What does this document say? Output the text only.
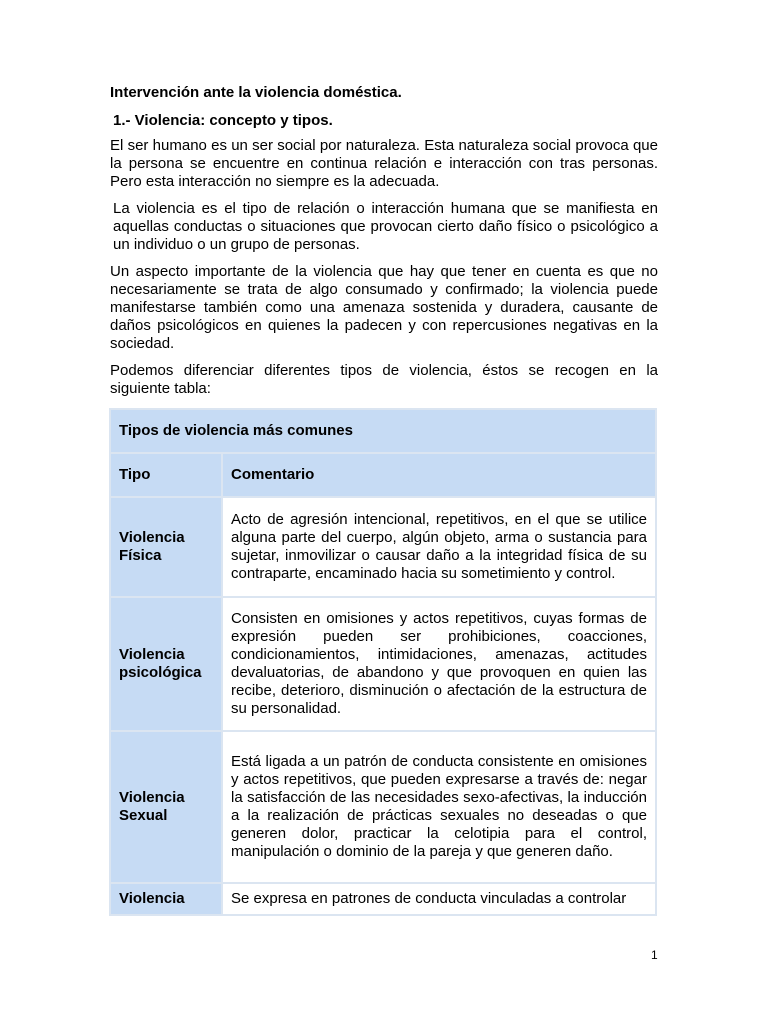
Intervención ante la violencia doméstica.
1.- Violencia: concepto y tipos.

El ser humano es un ser social por naturaleza. Esta naturaleza social provoca que la persona se encuentre en continua relación e interacción con tras personas. Pero esta interacción no siempre es la adecuada.

La violencia es el tipo de relación o interacción humana que se manifiesta en aquellas conductas o situaciones que provocan cierto daño físico o psicológico a un individuo o un grupo de personas.

Un aspecto importante de la violencia que hay que tener en cuenta es que no necesariamente se trata de algo consumado y confirmado; la violencia puede manifestarse también como una amenaza sostenida y duradera, causante de daños psicológicos en quienes la padecen y con repercusiones negativas en la sociedad.

Podemos diferenciar diferentes tipos de violencia, éstos se recogen en la siguiente tabla:

Tipos de violencia más comunes	
Tipo	Comentario
Violencia Física	Acto de agresión intencional, repetitivos, en el que se utilice alguna parte del cuerpo, algún objeto, arma o sustancia para sujetar, inmovilizar o causar daño a la integridad física de su contraparte, encaminado hacia su sometimiento y control.
Violencia psicológica	Consisten en omisiones y actos repetitivos, cuyas formas de expresión pueden ser prohibiciones, coacciones, condicionamientos, intimidaciones, amenazas, actitudes devaluatorias, de abandono y que provoquen en quien las recibe, deterioro, disminución o afectación de la estructura de su personalidad.
Violencia Sexual	Está ligada a un patrón de conducta consistente en omisiones y actos repetitivos, que pueden expresarse a través de: negar la satisfacción de las necesidades sexo-afectivas, la inducción a la realización de prácticas sexuales no deseadas o que generen dolor, practicar la celotipia para el control, manipulación o dominio de la pareja y que generen daño.
Violencia	Se expresa en patrones de conducta vinculadas a controlar
1
